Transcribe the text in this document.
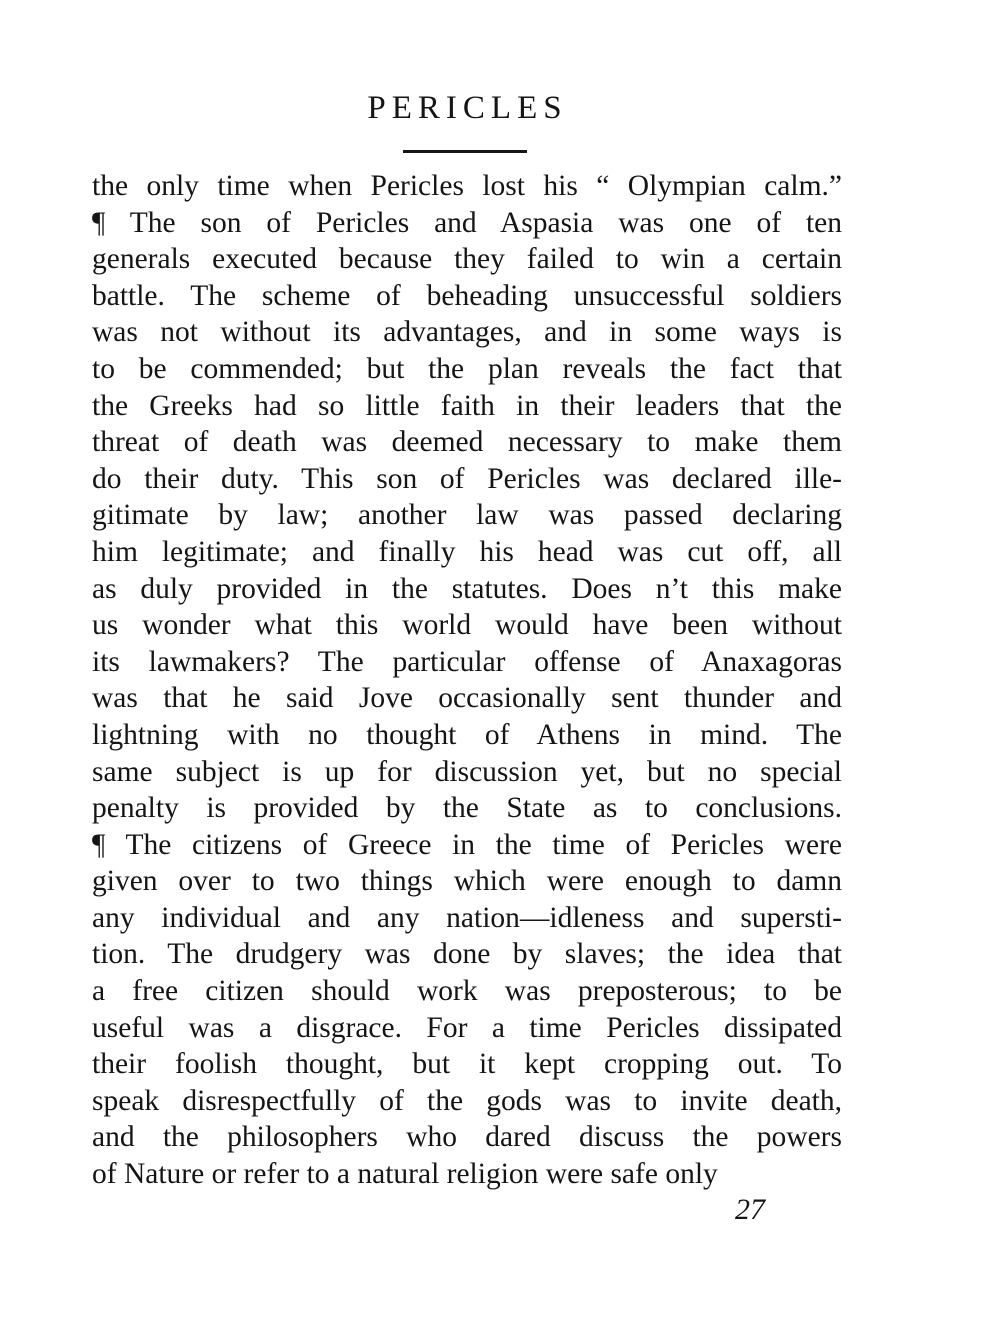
PERICLES
the only time when Pericles lost his “ Olympian calm.”
¶ The son of Pericles and Aspasia was one of ten
generals executed because they failed to win a certain
battle. The scheme of beheading unsuccessful soldiers
was not without its advantages, and in some ways is
to be commended; but the plan reveals the fact that
the Greeks had so little faith in their leaders that the
threat of death was deemed necessary to make them
do their duty. This son of Pericles was declared ille-
gitimate by law; another law was passed declaring
him legitimate; and finally his head was cut off, all
as duly provided in the statutes. Does n’t this make
us wonder what this world would have been without
its lawmakers? The particular offense of Anaxagoras
was that he said Jove occasionally sent thunder and
lightning with no thought of Athens in mind. The
same subject is up for discussion yet, but no special
penalty is provided by the State as to conclusions.
¶ The citizens of Greece in the time of Pericles were
given over to two things which were enough to damn
any individual and any nation—idleness and supersti-
tion. The drudgery was done by slaves; the idea that
a free citizen should work was preposterous; to be
useful was a disgrace. For a time Pericles dissipated
their foolish thought, but it kept cropping out. To
speak disrespectfully of the gods was to invite death,
and the philosophers who dared discuss the powers
of Nature or refer to a natural religion were safe only
27
